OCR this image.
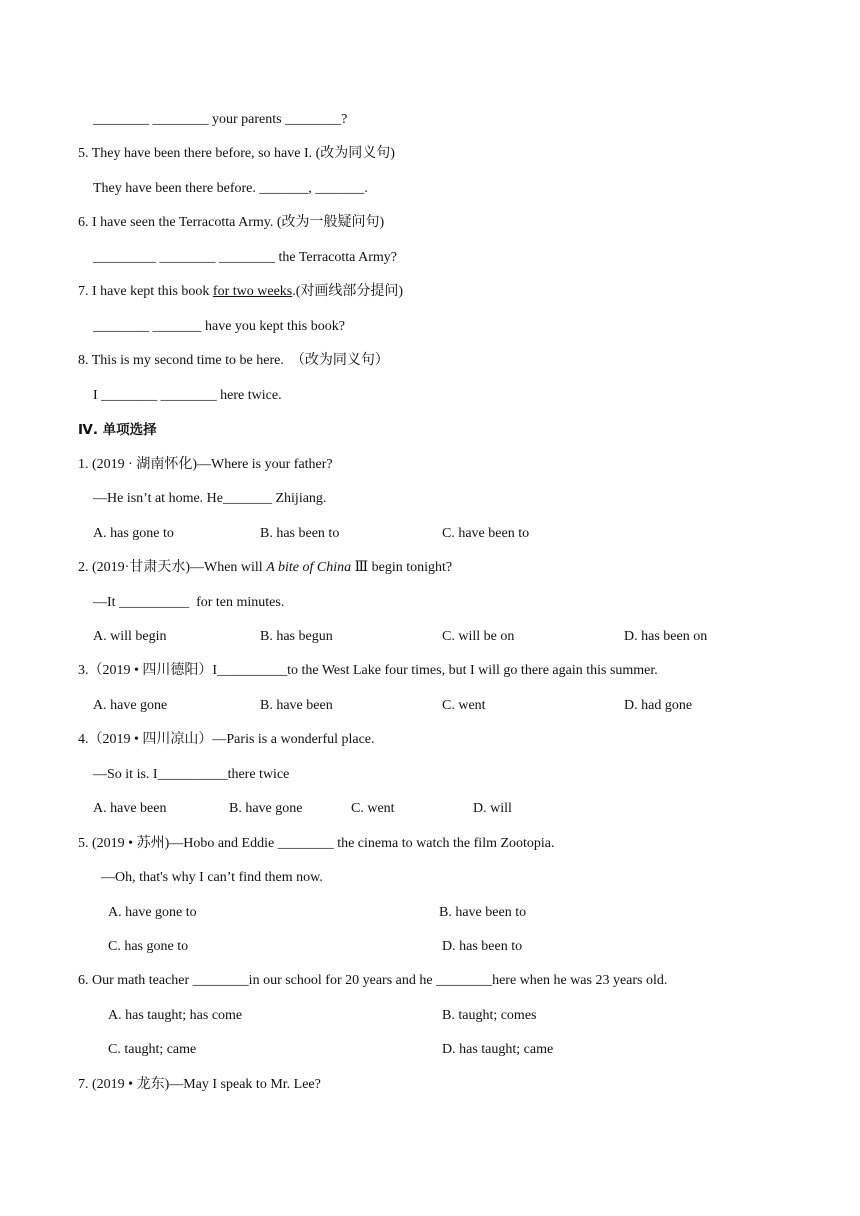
________ ________ your parents ________?
5. They have been there before, so have I. (改为同义句)
They have been there before. _______, _______.
6. I have seen the Terracotta Army. (改为一般疑问句)
_________ ________ ________ the Terracotta Army?
7. I have kept this book for two weeks.(对画线部分提问)
________ _______ have you kept this book?
8. This is my second time to be here.  （改为同义句）
I ________ ________ here twice.
Ⅳ. 单项选择
1. (2019 · 湖南怀化)—Where is your father?
—He isn’t at home. He_______ Zhijiang.
A. has gone to	B. has been to	C. have been to
2. (2019·甘肃天水)—When will A bite of China Ⅲ begin tonight?
—It __________  for ten minutes.
A. will begin	B. has begun	C. will be on	D. has been on
3.（2019 • 四川德阳）I__________to the West Lake four times, but I will go there again this summer.
A. have gone	B. have been	C. went	D. had gone
4.（2019 • 四川凉山）—Paris is a wonderful place.
—So it is. I__________there twice
A. have been	B. have gone	C. went	D. will
5. (2019 • 苏州)—Hobo and Eddie ________ the cinema to watch the film Zootopia.
—Oh, that's why I can’t find them now.
A. have gone to	B. have been to
C. has gone to	D. has been to
6. Our math teacher ________in our school for 20 years and he ________here when he was 23 years old.
A. has taught; has come	B. taught; comes
C. taught; came	D. has taught; came
7. (2019 • 龙东)—May I speak to Mr. Lee?
